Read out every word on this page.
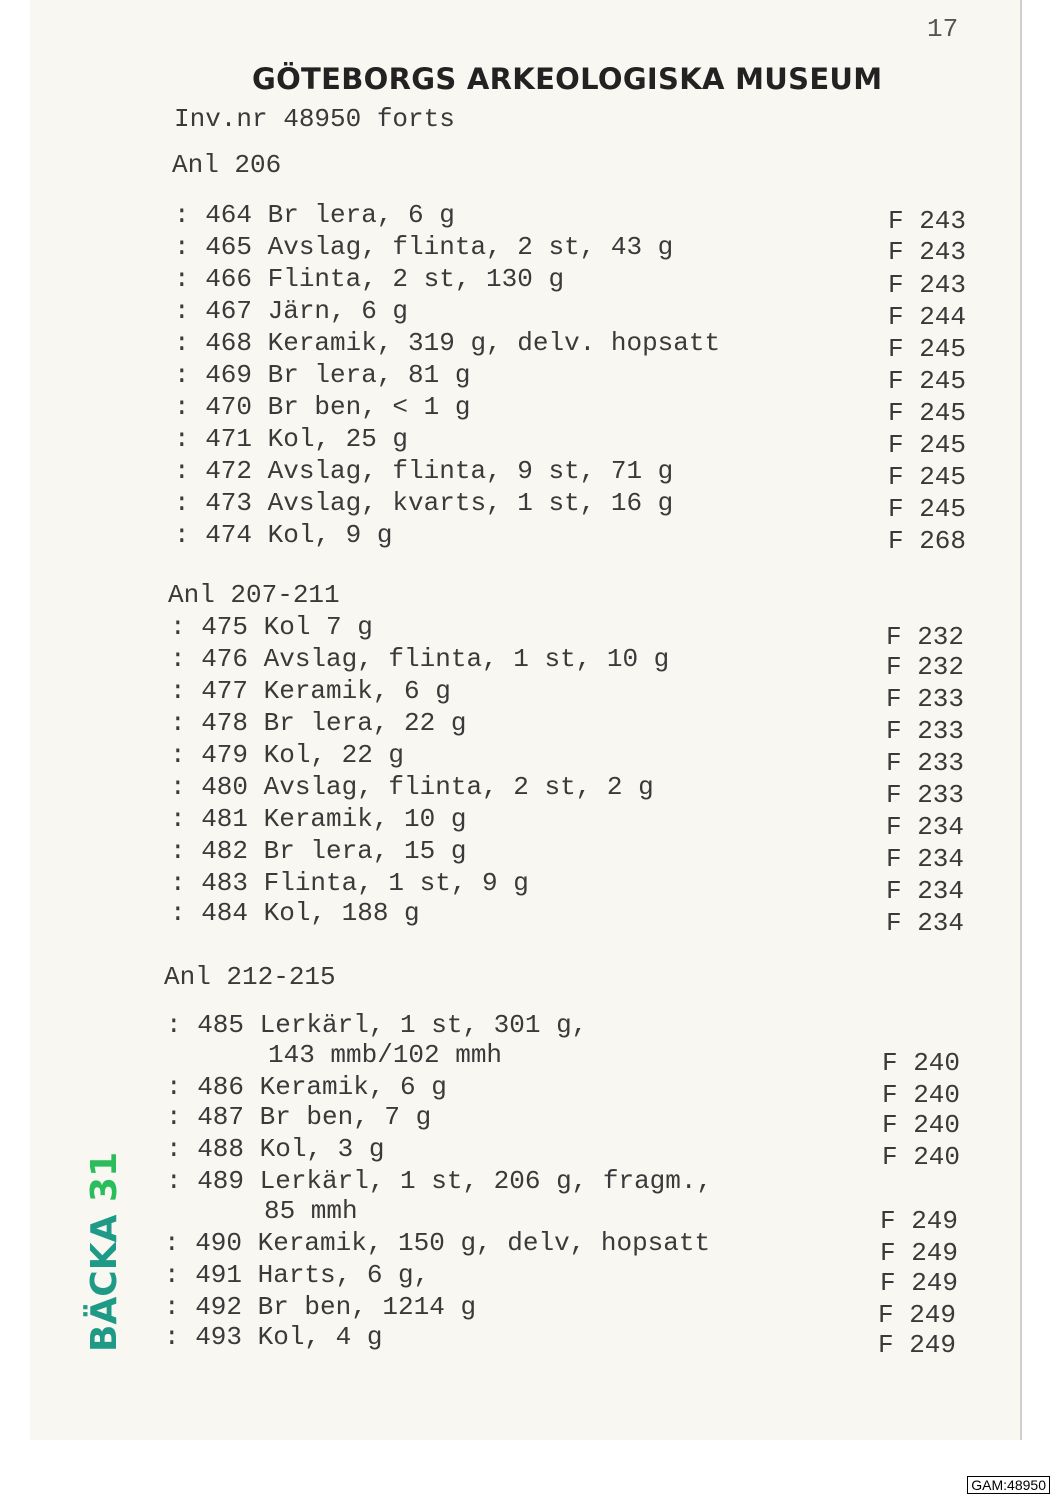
17
GÖTEBORGS ARKEOLOGISKA MUSEUM
Inv.nr 48950 forts
Anl 206
: 464 Br lera, 6 g	F 243
: 465 Avslag, flinta, 2 st, 43 g	F 243
: 466 Flinta, 2 st, 130 g	F 243
: 467 Järn, 6 g	F 244
: 468 Keramik, 319 g, delv. hopsatt	F 245
: 469 Br lera, 81 g	F 245
: 470 Br ben, < 1 g	F 245
: 471 Kol, 25 g	F 245
: 472 Avslag, flinta, 9 st, 71 g	F 245
: 473 Avslag, kvarts, 1 st, 16 g	F 245
: 474 Kol, 9 g	F 268
Anl 207-211
: 475 Kol 7 g	F 232
: 476 Avslag, flinta, 1 st, 10 g	F 232
: 477 Keramik, 6 g	F 233
: 478 Br lera, 22 g	F 233
: 479 Kol, 22 g	F 233
: 480 Avslag, flinta, 2 st, 2 g	F 233
: 481 Keramik, 10 g	F 234
: 482 Br lera, 15 g	F 234
: 483 Flinta, 1 st, 9 g	F 234
: 484 Kol, 188 g	F 234
Anl 212-215
: 485 Lerkärl, 1 st, 301 g,
143 mmb/102 mmh	F 240
: 486 Keramik, 6 g	F 240
: 487 Br ben, 7 g	F 240
: 488 Kol, 3 g	F 240
: 489 Lerkärl, 1 st, 206 g, fragm.,
85 mmh	F 249
: 490 Keramik, 150 g, delv, hopsatt	F 249
: 491 Harts, 6 g,	F 249
: 492 Br ben, 1214 g	F 249
: 493 Kol, 4 g	F 249
BÄCKA 31
GAM:48950
